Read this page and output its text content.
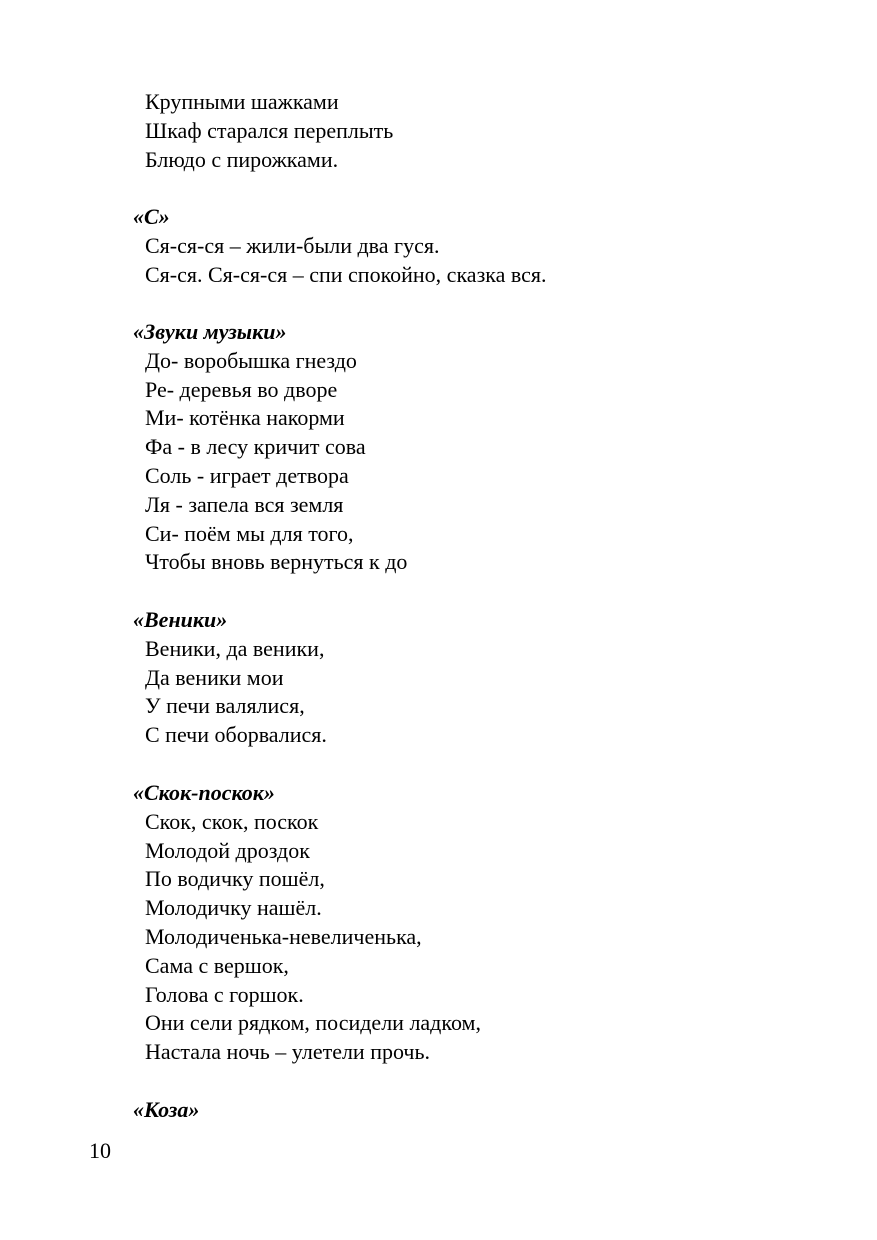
Крупными шажками
Шкаф старался переплыть
Блюдо с пирожками.
«С»
Ся-ся-ся – жили-были два гуся.
Ся-ся. Ся-ся-ся – спи спокойно, сказка вся.
«Звуки музыки»
До- воробышка гнездо
Ре- деревья во дворе
Ми- котёнка накорми
Фа - в лесу кричит сова
Соль - играет детвора
Ля - запела вся земля
Си- поём мы для того,
Чтобы вновь вернуться к до
«Веники»
Веники, да веники,
Да веники мои
У печи валялися,
С печи оборвалися.
«Скок-поскок»
Скок, скок, поскок
Молодой дроздок
По водичку пошёл,
Молодичку нашёл.
Молодиченька-невеличенька,
Сама с вершок,
Голова с горшок.
Они сели рядком, посидели ладком,
Настала ночь – улетели прочь.
«Коза»
10
